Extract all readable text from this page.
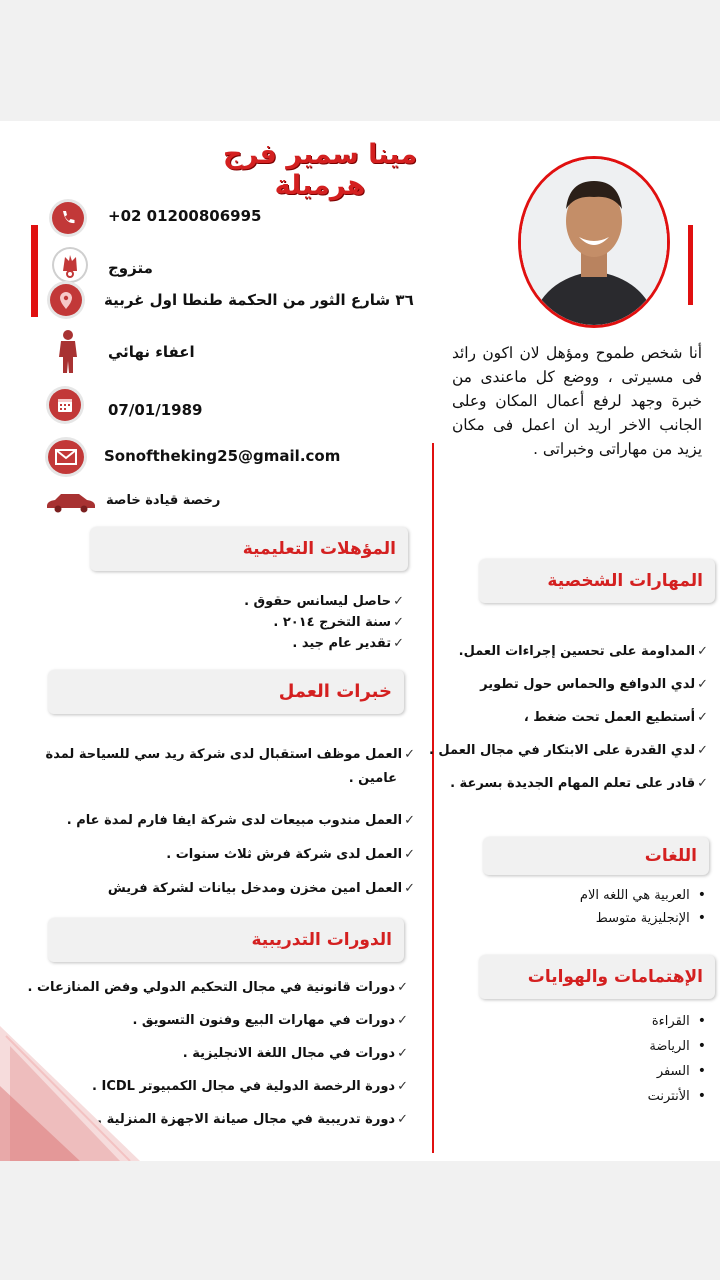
مينا سمير فرج هرميلة
+02 01200806995
متزوج
٣٦ شارع الثور من الحكمة طنطا اول غربية
اعفاء نهائي
07/01/1989
Sonoftheking25@gmail.com
رخصة قيادة خاصة
أنا شخص طموح ومؤهل لان اكون رائد فى مسيرتى ، ووضع كل ماعندى من خبرة وجهد لرفع أعمال المكان وعلى الجانب الاخر اريد ان اعمل فى مكان يزيد من مهاراتى وخبراتى .
المؤهلات التعليمية
✓حاصل ليسانس حقوق .
✓سنة التخرج ٢٠١٤ .
✓تقدير عام جيد .
خبرات العمل
✓العمل موظف استقبال لدى شركة ريد سي للسياحة لمدة
عامين .
✓العمل مندوب مبيعات لدى شركة ايفا فارم لمدة عام .
✓العمل لدى شركة فرش ثلاث سنوات .
✓العمل امين مخزن ومدخل بيانات لشركة فريش
الدورات التدريبية
✓دورات قانونية في مجال التحكيم الدولي وفض المنازعات .
✓دورات في مهارات البيع وفنون التسويق .
✓دورات في مجال اللغة الانجليزية .
✓دورة الرخصة الدولية في مجال الكمبيوتر ICDL .
✓دورة تدريبية في مجال صيانة الاجهزة المنزلية .
المهارات الشخصية
✓المداومة على تحسين إجراءات العمل.
✓لدي الدوافع والحماس حول تطوير
✓أستطيع العمل تحت ضغط ،
✓لدي القدرة على الابتكار في مجال العمل .
✓قادر على تعلم المهام الجديدة بسرعة .
اللغات
•العربية هي اللغه الام
•الإنجليزية متوسط
الإهتمامات والهوايات
•القراءة
•الرياضة
•السفر
•الأنترنت
